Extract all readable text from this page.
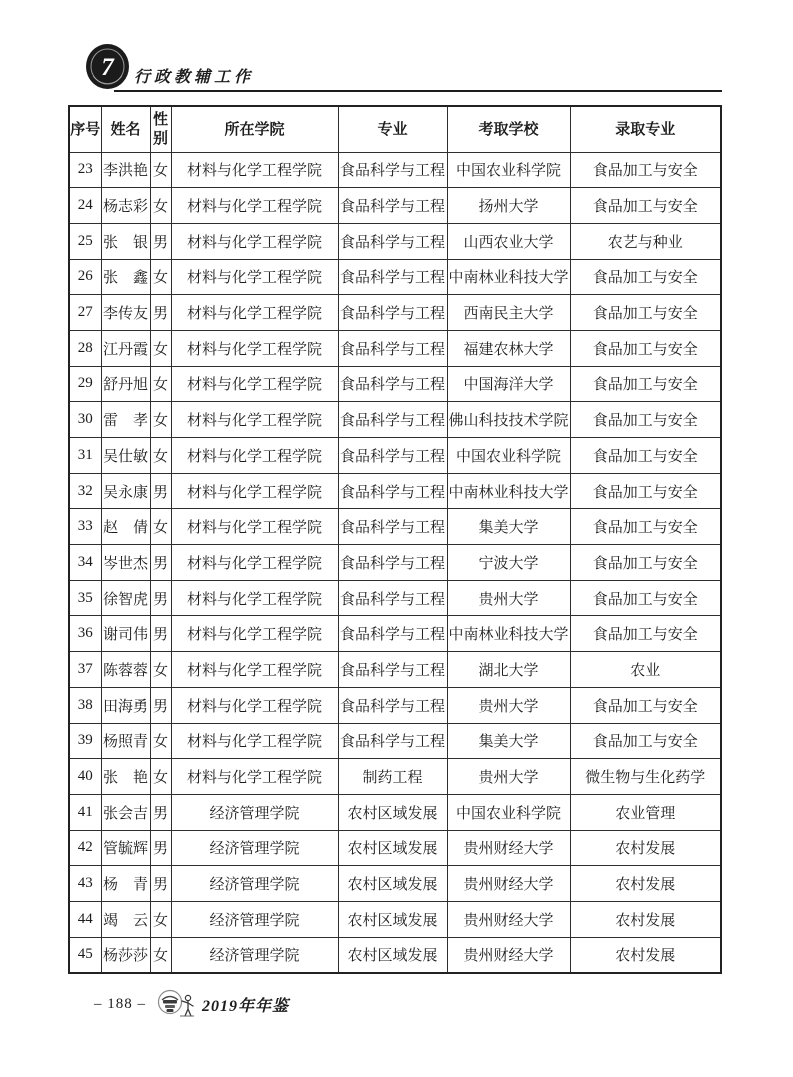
7 行政教辅工作
序号	姓名	性别	所在学院	专业	考取学校	录取专业
23	李洪艳	女	材料与化学工程学院	食品科学与工程	中国农业科学院	食品加工与安全
24	杨志彩	女	材料与化学工程学院	食品科学与工程	扬州大学	食品加工与安全
25	张　银	男	材料与化学工程学院	食品科学与工程	山西农业大学	农艺与种业
26	张　鑫	女	材料与化学工程学院	食品科学与工程	中南林业科技大学	食品加工与安全
27	李传友	男	材料与化学工程学院	食品科学与工程	西南民主大学	食品加工与安全
28	江丹霞	女	材料与化学工程学院	食品科学与工程	福建农林大学	食品加工与安全
29	舒丹旭	女	材料与化学工程学院	食品科学与工程	中国海洋大学	食品加工与安全
30	雷　孝	女	材料与化学工程学院	食品科学与工程	佛山科技技术学院	食品加工与安全
31	吴仕敏	女	材料与化学工程学院	食品科学与工程	中国农业科学院	食品加工与安全
32	吴永康	男	材料与化学工程学院	食品科学与工程	中南林业科技大学	食品加工与安全
33	赵　倩	女	材料与化学工程学院	食品科学与工程	集美大学	食品加工与安全
34	岑世杰	男	材料与化学工程学院	食品科学与工程	宁波大学	食品加工与安全
35	徐智虎	男	材料与化学工程学院	食品科学与工程	贵州大学	食品加工与安全
36	谢司伟	男	材料与化学工程学院	食品科学与工程	中南林业科技大学	食品加工与安全
37	陈蓉蓉	女	材料与化学工程学院	食品科学与工程	湖北大学	农业
38	田海勇	男	材料与化学工程学院	食品科学与工程	贵州大学	食品加工与安全
39	杨照青	女	材料与化学工程学院	食品科学与工程	集美大学	食品加工与安全
40	张　艳	女	材料与化学工程学院	制药工程	贵州大学	微生物与生化药学
41	张会吉	男	经济管理学院	农村区域发展	中国农业科学院	农业管理
42	管毓辉	男	经济管理学院	农村区域发展	贵州财经大学	农村发展
43	杨　青	男	经济管理学院	农村区域发展	贵州财经大学	农村发展
44	竭　云	女	经济管理学院	农村区域发展	贵州财经大学	农村发展
45	杨莎莎	女	经济管理学院	农村区域发展	贵州财经大学	农村发展
– 188 –	2019年年鉴
